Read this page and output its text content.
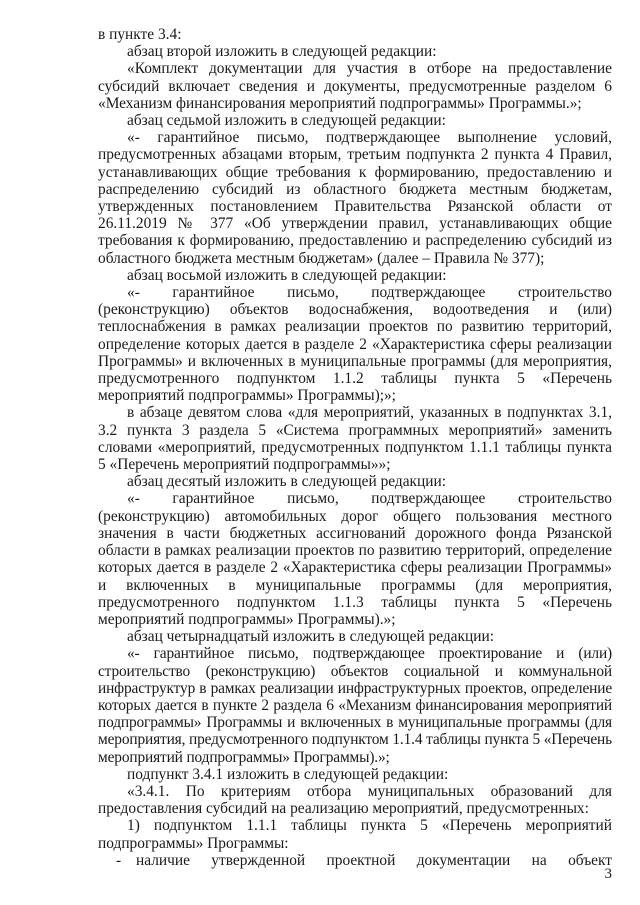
в пункте 3.4:

абзац второй изложить в следующей редакции:

«Комплект документации для участия в отборе на предоставление субсидий включает сведения и документы, предусмотренные разделом 6 «Механизм финансирования мероприятий подпрограммы» Программы.»;

абзац седьмой изложить в следующей редакции:

«- гарантийное письмо, подтверждающее выполнение условий, предусмотренных абзацами вторым, третьим подпункта 2 пункта 4 Правил, устанавливающих общие требования к формированию, предоставлению и распределению субсидий из областного бюджета местным бюджетам, утвержденных постановлением Правительства Рязанской области от 26.11.2019 № 377 «Об утверждении правил, устанавливающих общие требования к формированию, предоставлению и распределению субсидий из областного бюджета местным бюджетам» (далее – Правила № 377);

абзац восьмой изложить в следующей редакции:

«- гарантийное письмо, подтверждающее строительство (реконструкцию) объектов водоснабжения, водоотведения и (или) теплоснабжения в рамках реализации проектов по развитию территорий, определение которых дается в разделе 2 «Характеристика сферы реализации Программы» и включенных в муниципальные программы (для мероприятия, предусмотренного подпунктом 1.1.2 таблицы пункта 5 «Перечень мероприятий подпрограммы» Программы);»;

в абзаце девятом слова «для мероприятий, указанных в подпунктах 3.1, 3.2 пункта 3 раздела 5 «Система программных мероприятий» заменить словами «мероприятий, предусмотренных подпунктом 1.1.1 таблицы пункта 5 «Перечень мероприятий подпрограммы»»;

абзац десятый изложить в следующей редакции:

«- гарантийное письмо, подтверждающее строительство (реконструкцию) автомобильных дорог общего пользования местного значения в части бюджетных ассигнований дорожного фонда Рязанской области в рамках реализации проектов по развитию территорий, определение которых дается в разделе 2 «Характеристика сферы реализации Программы» и включенных в муниципальные программы (для мероприятия, предусмотренного подпунктом 1.1.3 таблицы пункта 5 «Перечень мероприятий подпрограммы» Программы).»;

абзац четырнадцатый изложить в следующей редакции:

«- гарантийное письмо, подтверждающее проектирование и (или) строительство (реконструкцию) объектов социальной и коммунальной инфраструктур в рамках реализации инфраструктурных проектов, определение которых дается в пункте 2 раздела 6 «Механизм финансирования мероприятий подпрограммы» Программы и включенных в муниципальные программы (для мероприятия, предусмотренного подпунктом 1.1.4 таблицы пункта 5 «Перечень мероприятий подпрограммы» Программы).»;

подпункт 3.4.1 изложить в следующей редакции:

«3.4.1. По критериям отбора муниципальных образований для предоставления субсидий на реализацию мероприятий, предусмотренных:

1) подпунктом 1.1.1 таблицы пункта 5 «Перечень мероприятий подпрограммы» Программы:

- наличие утвержденной проектной документации на объект
3
